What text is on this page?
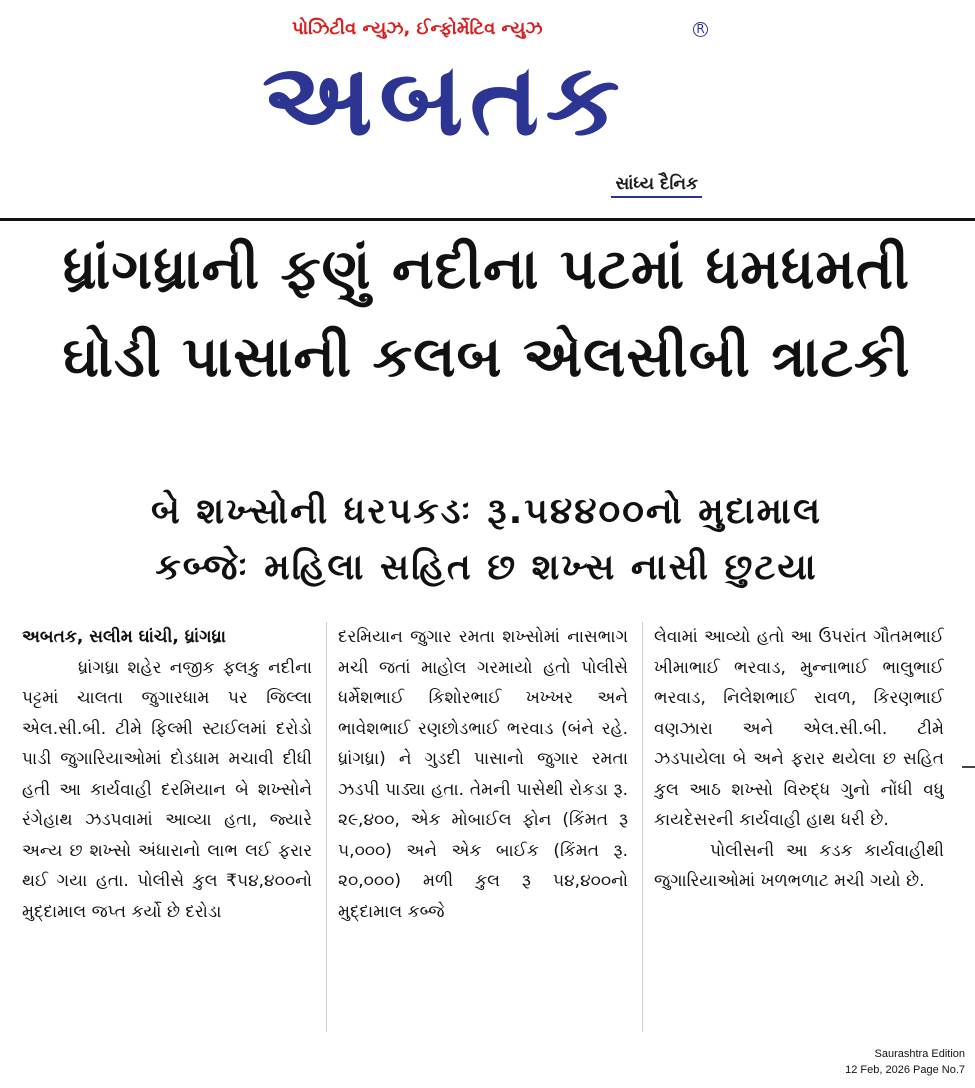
પોઝિટીવ ન્યુઝ, ઈન્ફોર્મેટિવ ન્યુઝ
અબતક
R
સાંધ્ય દૈનિક
ધ્રાંગધ્રાની ફણું નદીના પટમાં ધમધમતી
ઘોડી પાસાની કલબ એલસીબી ત્રાટકી
બે શખ્સોની ધરપકડઃ રૂ.૫૪૪૦૦નો મુદામાલ
કબ્જેઃ મહિલા સહિત છ શખ્સ નાસી છુટયા

અબતક, સલીમ ઘાંચી, ધ્રાંગધ્રા

ધ્રાંગધ્રા શહેર નજીક ફલકુ નદીના પટ્ટમાં ચાલતા જુગારધામ પર જિલ્લા એલ.સી.બી. ટીમે ફિલ્મી સ્ટાઈલમાં દરોડો પાડી જુગારિયાઓમાં દોડધામ મચાવી દીધી હતી આ કાર્યવાહી દરમિયાન બે શખ્સોને રંગેહાથ ઝડપવામાં આવ્યા હતા, જ્યારે અન્ય છ શખ્સો અંધારાનો લાભ લઈ ફરાર થઈ ગયા હતા. પોલીસે કુલ ₹૫૪,૪૦૦નો મુદ્દામાલ જપ્ત કર્યો છે દરોડા

દરમિયાન જુગાર રમતા શખ્સોમાં નાસભાગ મચી જતાં માહોલ ગરમાયો હતો પોલીસે ધર્મેશભાઈ કિશોરભાઈ ખખ્ખર અને ભાવેશભાઈ રણછોડભાઈ ભરવાડ (બંને રહે. ધ્રાંગધ્રા) ને ગુડદી પાસાનો જુગાર રમતા ઝડપી પાડ્યા હતા. તેમની પાસેથી રોકડા રૂ. ૨૯,૪૦૦, એક મોબાઈલ ફોન (કિંમત રૂ ૫,૦૦૦) અને એક બાઈક (કિંમત રૂ. ૨૦,૦૦૦) મળી કુલ રૂ ૫૪,૪૦૦નો મુદ્દામાલ કબ્જે

લેવામાં આવ્યો હતો આ ઉપરાંત ગૌતમભાઈ ખીમાભાઈ ભરવાડ, મુન્નાભાઈ ભાલુભાઈ ભરવાડ, નિલેશભાઈ રાવળ, કિરણભાઈ વણઝારા અને એલ.સી.બી. ટીમે ઝડપાયેલા બે અને ફરાર થયેલા છ સહિત કુલ આઠ શખ્સો વિરુદ્ધ ગુનો નોંધી વધુ કાયદેસરની કાર્યવાહી હાથ ધરી છે.

પોલીસની આ કડક કાર્યવાહીથી જુગારિયાઓમાં ખળભળાટ મચી ગયો છે.

Saurashtra Edition
12 Feb, 2026 Page No.7
